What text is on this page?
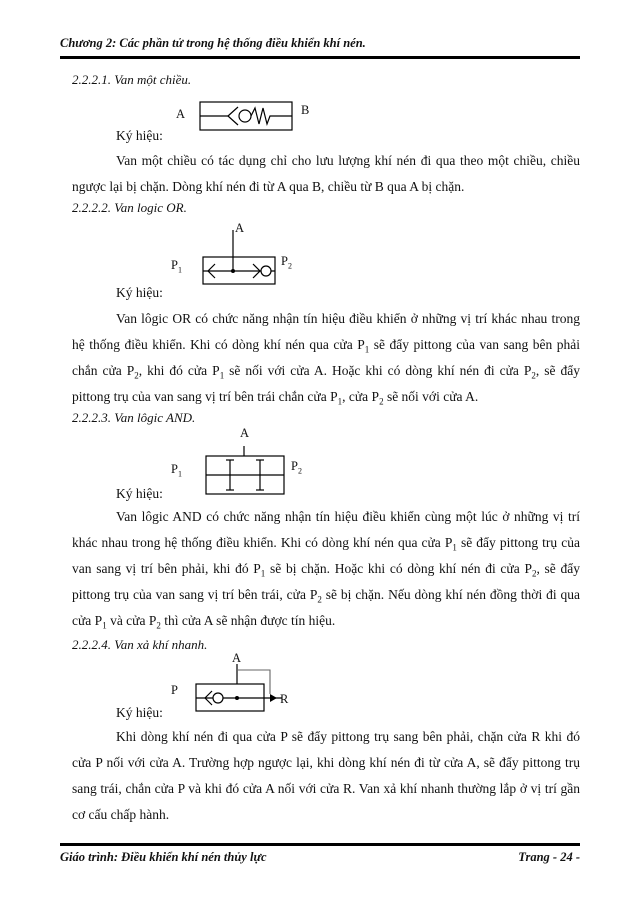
Chương 2: Các phần tử trong hệ thống điều khiển khí nén.
2.2.2.1. Van một chiều.
A	B
Ký hiệu:
Van một chiều có tác dụng chỉ cho lưu lượng khí nén đi qua theo một chiều, chiều ngược lại bị chặn. Dòng khí nén đi từ A qua B, chiều từ B qua A bị chặn.
2.2.2.2. Van logic OR.
A
$P_1$
$P_2$
Ký hiệu:
Van lôgic OR có chức năng nhận tín hiệu điều khiển ở những vị trí khác nhau trong hệ thống điều khiển. Khi có dòng khí nén qua cửa $P_1$ sẽ đẩy pittong của van sang bên phải chắn cửa $P_2$, khi đó cửa $P_1$ sẽ nối với cửa A. Hoặc khi có dòng khí nén đi cửa $P_2$, sẽ đẩy pittong trụ của van sang vị trí bên trái chắn cửa $P_1$, cửa $P_2$ sẽ nối với cửa A.
2.2.2.3. Van lôgic AND.
A
$P_1$
$P_2$
Ký hiệu:
Van lôgic AND có chức năng nhận tín hiệu điều khiển cùng một lúc ở những vị trí khác nhau trong hệ thống điều khiển. Khi có dòng khí nén qua cửa $P_1$ sẽ đẩy pittong trụ của van sang vị trí bên phải, khi đó $P_1$ sẽ bị chặn. Hoặc khi có dòng khí nén đi cửa $P_2$, sẽ đẩy pittong trụ của van sang vị trí bên trái, cửa $P_2$ sẽ bị chặn. Nếu dòng khí nén đồng thời đi qua cửa $P_1$ và cửa $P_2$ thì cửa A sẽ nhận được tín hiệu.
2.2.2.4. Van xả khí nhanh.
A
P
R
Ký hiệu:
Khi dòng khí nén đi qua cửa P sẽ đẩy pittong trụ sang bên phải, chặn cửa R khi đó cửa P nối với cửa A. Trường hợp ngược lại, khi dòng khí nén đi từ cửa A, sẽ đẩy pittong trụ sang trái, chắn cửa P và khi đó cửa A nối với cửa R. Van xả khí nhanh thường lắp ở vị trí gần cơ cấu chấp hành.
Giáo trình: Điều khiển khí nén thủy lực	Trang - 24 -
